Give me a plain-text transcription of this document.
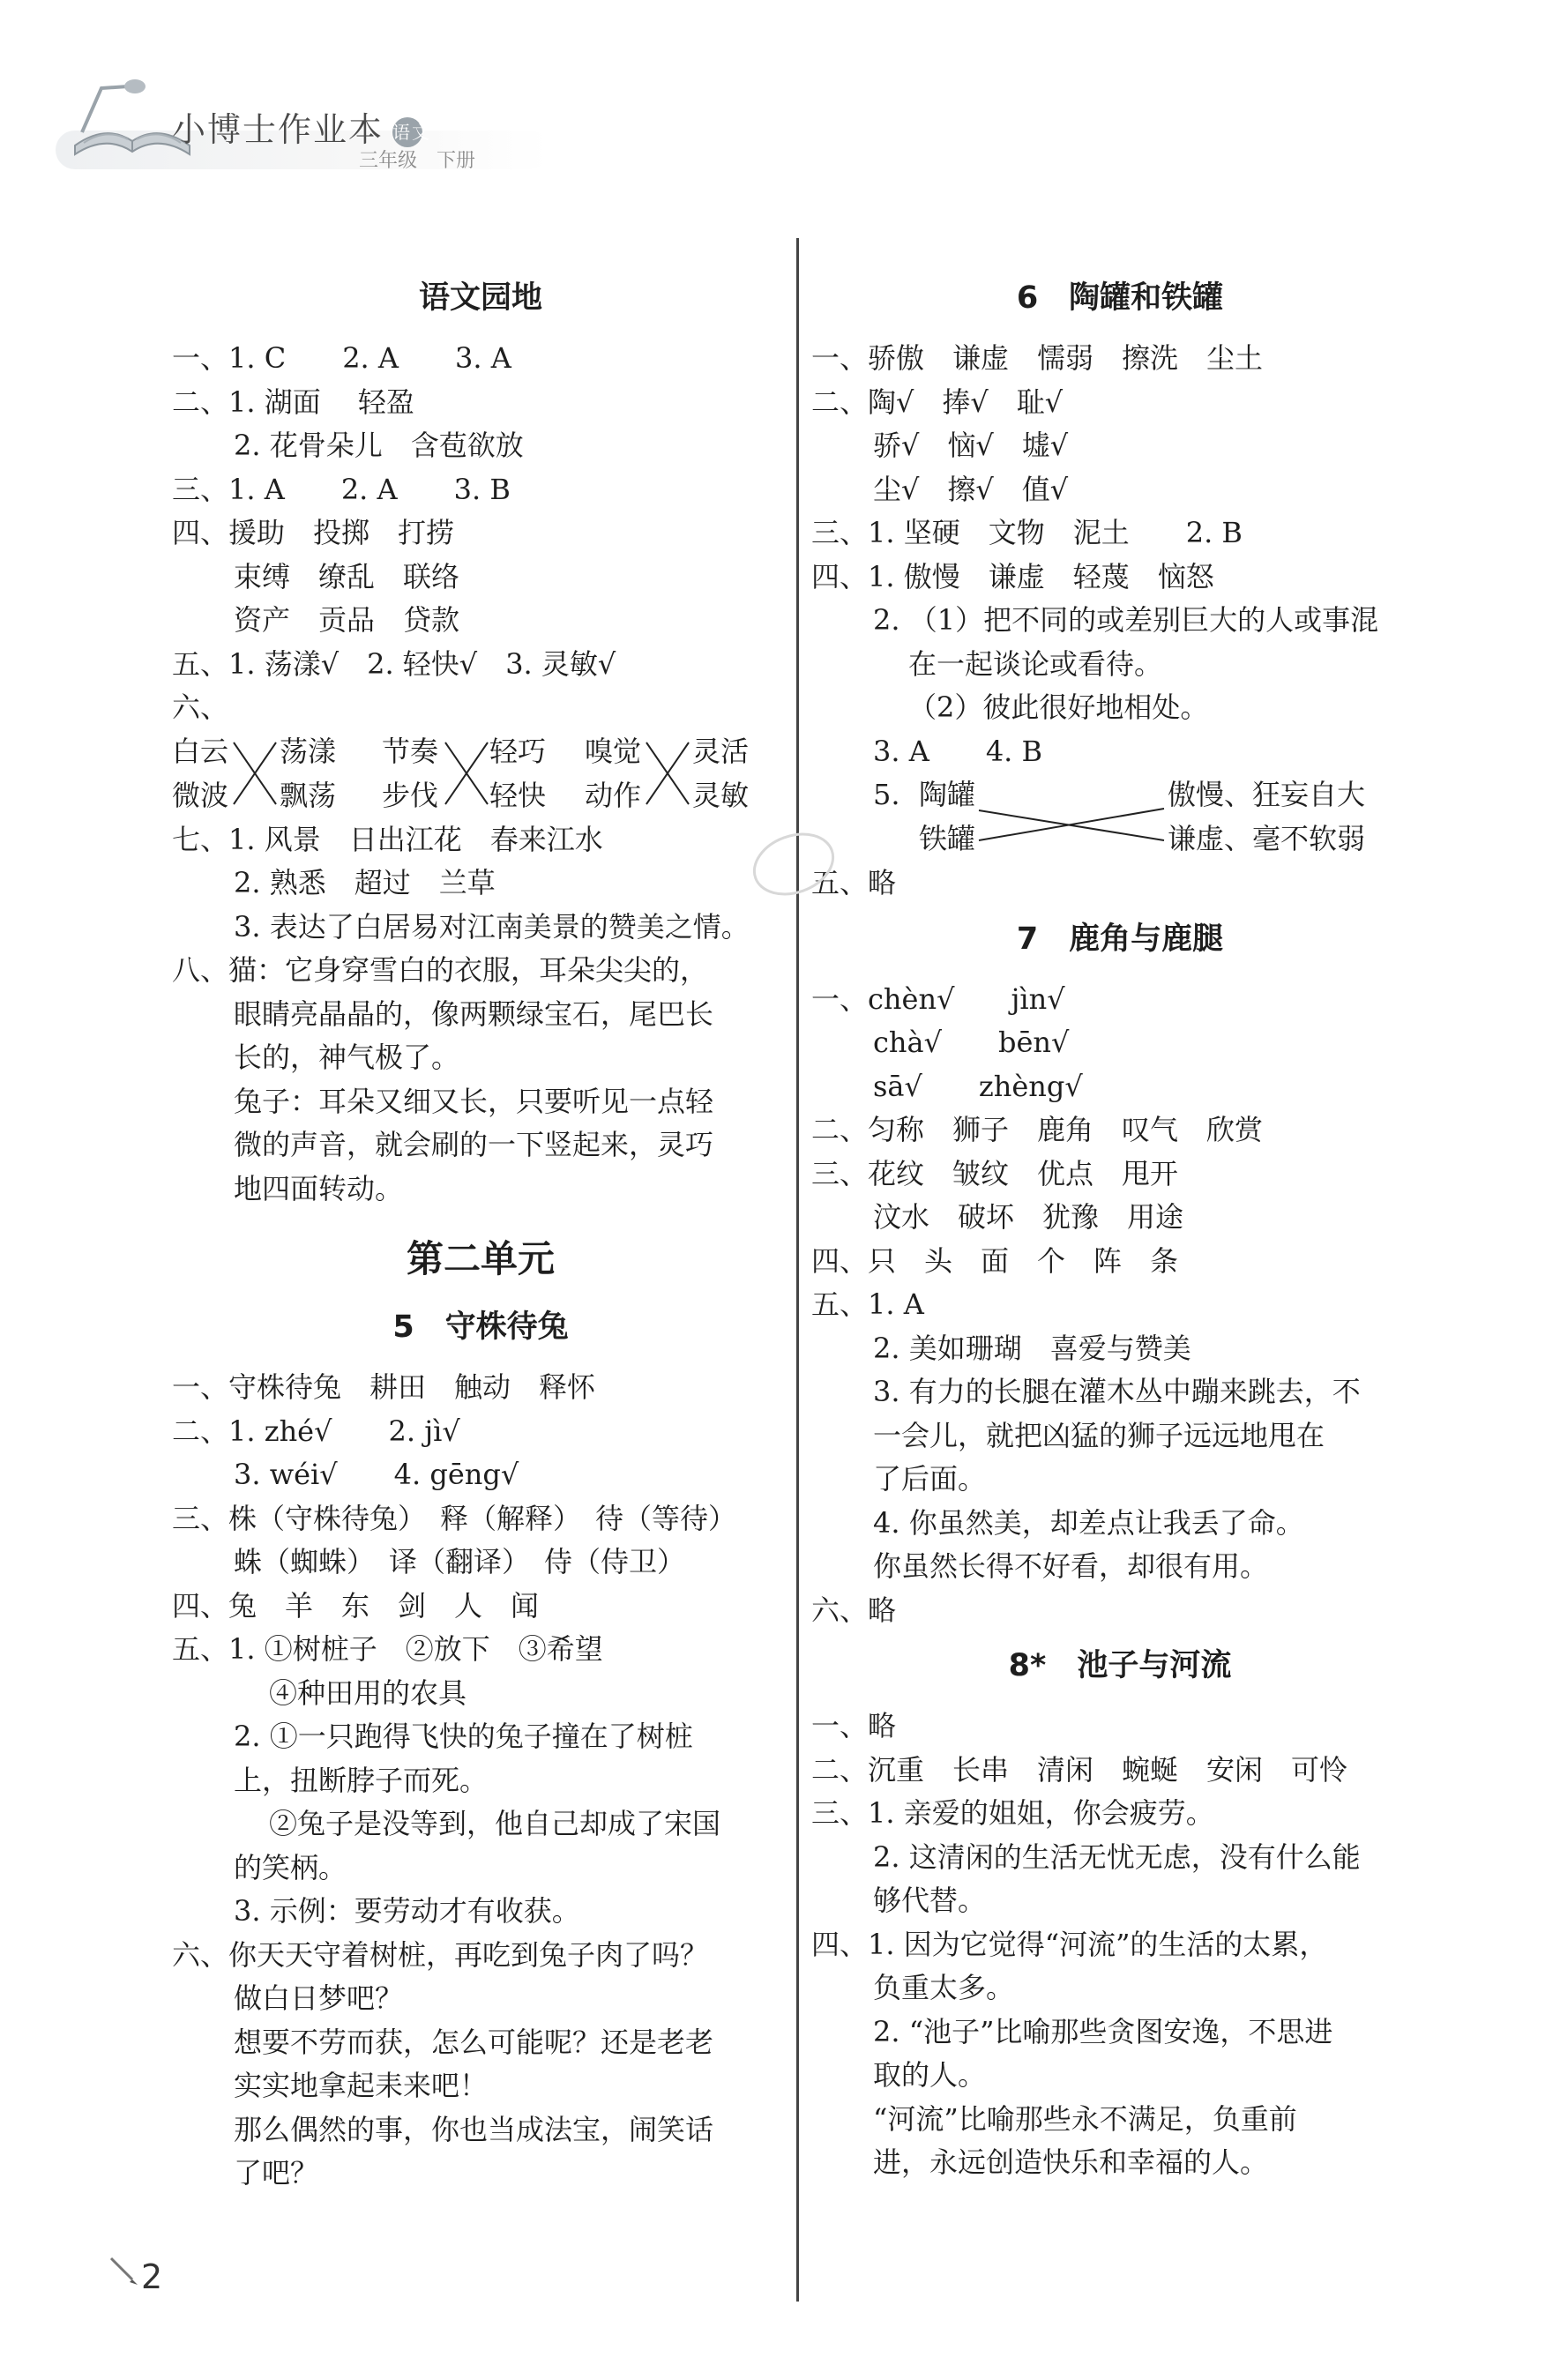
小博士作业本 语文
三年级　下册
语文园地
一、1. C　　2. A　　3. A
二、1. 湖面　 轻盈
2. 花骨朵儿　含苞欲放
三、1. A　　2. A　　3. B
四、援助　投掷　打捞
束缚　缭乱　联络
资产　贡品　贷款
五、1. 荡漾√　2. 轻快√　3. 灵敏√
六、
白云 荡漾 节奏 轻巧 嗅觉 灵活
微波 飘荡 步伐 轻快 动作 灵敏
七、1. 风景　日出江花　春来江水
2. 熟悉　超过　兰草
3. 表达了白居易对江南美景的赞美之情。
八、猫：它身穿雪白的衣服，耳朵尖尖的，
眼睛亮晶晶的，像两颗绿宝石，尾巴长
长的，神气极了。
兔子：耳朵又细又长，只要听见一点轻
微的声音，就会刷的一下竖起来，灵巧
地四面转动。
第二单元
5　守株待兔
一、守株待兔　耕田　触动　释怀
二、1. zhé√　　2. jì√
3. wéi√　　4. gēng√
三、株（守株待兔）　释（解释）　待（等待）
蛛（蜘蛛）　译（翻译）　侍（侍卫）
四、兔　羊　东　剑　人　闻
五、1. ①树桩子　②放下　③希望
④种田用的农具
2. ①一只跑得飞快的兔子撞在了树桩
上，扭断脖子而死。
②兔子是没等到，他自己却成了宋国
的笑柄。
3. 示例：要劳动才有收获。
六、你天天守着树桩，再吃到兔子肉了吗？
做白日梦吧？
想要不劳而获，怎么可能呢？还是老老
实实地拿起耒来吧！
那么偶然的事，你也当成法宝，闹笑话
了吧？
6　陶罐和铁罐
一、骄傲　谦虚　懦弱　擦洗　尘土
二、陶√　捧√　耻√
骄√　恼√　墟√
尘√　擦√　值√
三、1. 坚硬　文物　泥土　　2. B
四、1. 傲慢　谦虚　轻蔑　恼怒
2. （1）把不同的或差别巨大的人或事混
在一起谈论或看待。
（2）彼此很好地相处。
3. A　　4. B
5. 陶罐	傲慢、狂妄自大
铁罐	谦虚、毫不软弱
五、略
7　鹿角与鹿腿
一、chèn√　　jìn√
chà√　　bēn√
sā√　　zhèng√
二、匀称　狮子　鹿角　叹气　欣赏
三、花纹　皱纹　优点　甩开
汶水　破坏　犹豫　用途
四、只　头　面　个　阵　条
五、1. A
2. 美如珊瑚　喜爱与赞美
3. 有力的长腿在灌木丛中蹦来跳去，不
一会儿，就把凶猛的狮子远远地甩在
了后面。
4. 你虽然美，却差点让我丢了命。
你虽然长得不好看，却很有用。
六、略
8*　池子与河流
一、略
二、沉重　长串　清闲　蜿蜒　安闲　可怜
三、1. 亲爱的姐姐，你会疲劳。
2. 这清闲的生活无忧无虑，没有什么能
够代替。
四、1. 因为它觉得“河流”的生活的太累，
负重太多。
2. “池子”比喻那些贪图安逸，不思进
取的人。
“河流”比喻那些永不满足，负重前
进，永远创造快乐和幸福的人。
2
